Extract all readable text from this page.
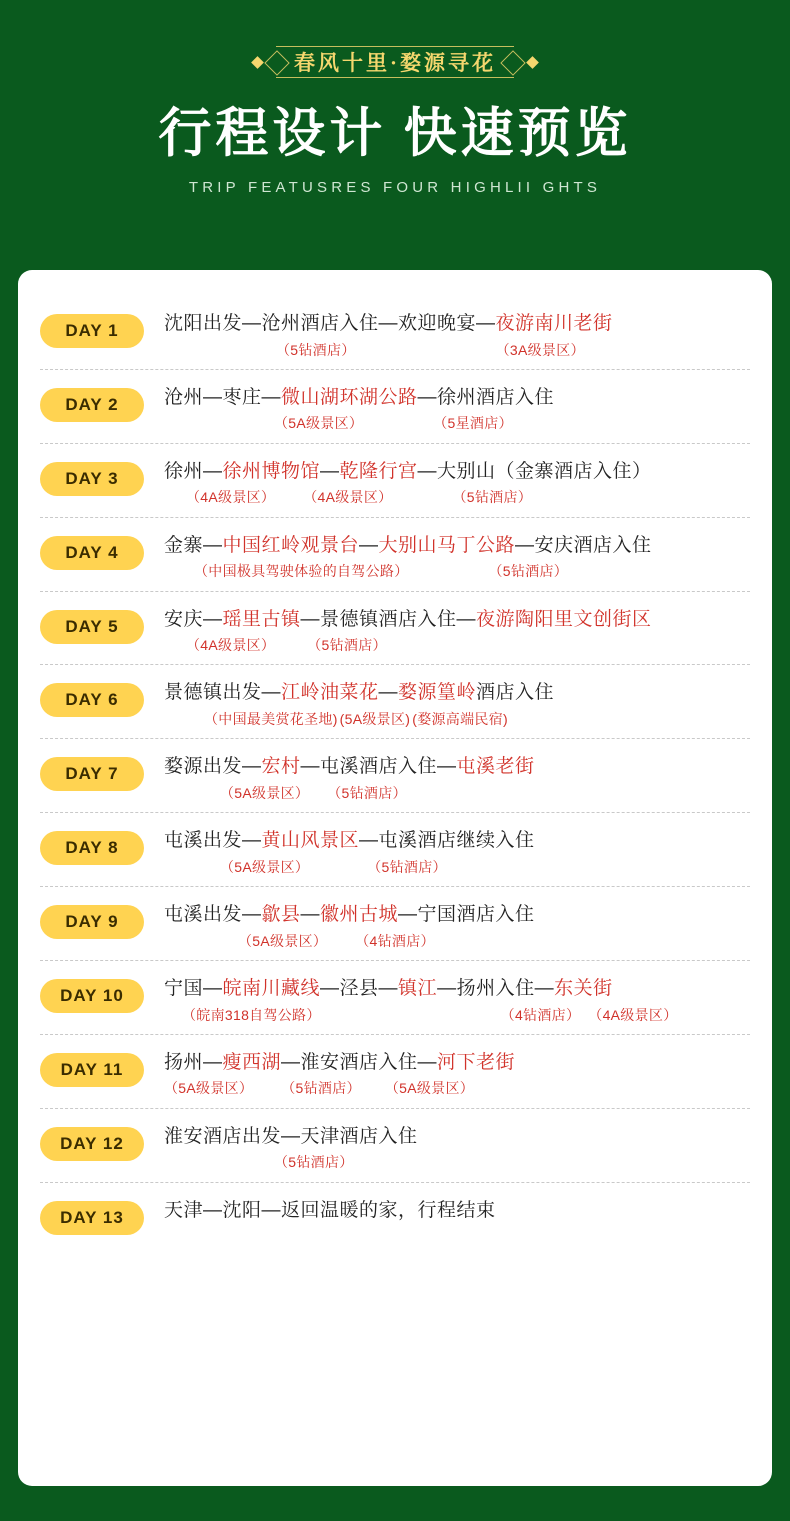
春风十里·婺源寻花
行程设计 快速预览
TRIP FEATUSRES FOUR HIGHLII GHTS
DAY 1	沈阳出发—沧州酒店入住—欢迎晚宴—夜游南川老街
（5钻酒店）	（3A级景区）
DAY 2	沧州—枣庄—微山湖环湖公路—徐州酒店入住
（5A级景区）	（5星酒店）
DAY 3	徐州—徐州博物馆—乾隆行宫—大别山（金寨酒店入住）
（4A级景区） （4A级景区）	（5钻酒店）
DAY 4	金寨—中国红岭观景台—大别山马丁公路—安庆酒店入住
（中国极具驾驶体验的自驾公路）	（5钻酒店）
DAY 5	安庆—瑶里古镇—景德镇酒店入住—夜游陶阳里文创街区
（4A级景区） （5钻酒店）
DAY 6	景德镇出发—江岭油菜花—婺源篁岭酒店入住
（中国最美赏花圣地) (5A级景区) (婺源高端民宿)
DAY 7	婺源出发—宏村—屯溪酒店入住—屯溪老街
（5A级景区） （5钻酒店）
DAY 8	屯溪出发—黄山风景区—屯溪酒店继续入住
（5A级景区）	（5钻酒店）
DAY 9	屯溪出发—歙县—徽州古城—宁国酒店入住
（5A级景区） （4钻酒店）
DAY 10	宁国—皖南川藏线—泾县—镇江—扬州入住—东关街
（皖南318自驾公路）	（4钻酒店） （4A级景区）
DAY 11	扬州—瘦西湖—淮安酒店入住—河下老街
（5A级景区） （5钻酒店） （5A级景区）
DAY 12	淮安酒店出发—天津酒店入住
（5钻酒店）
DAY 13	天津—沈阳—返回温暖的家，行程结束
